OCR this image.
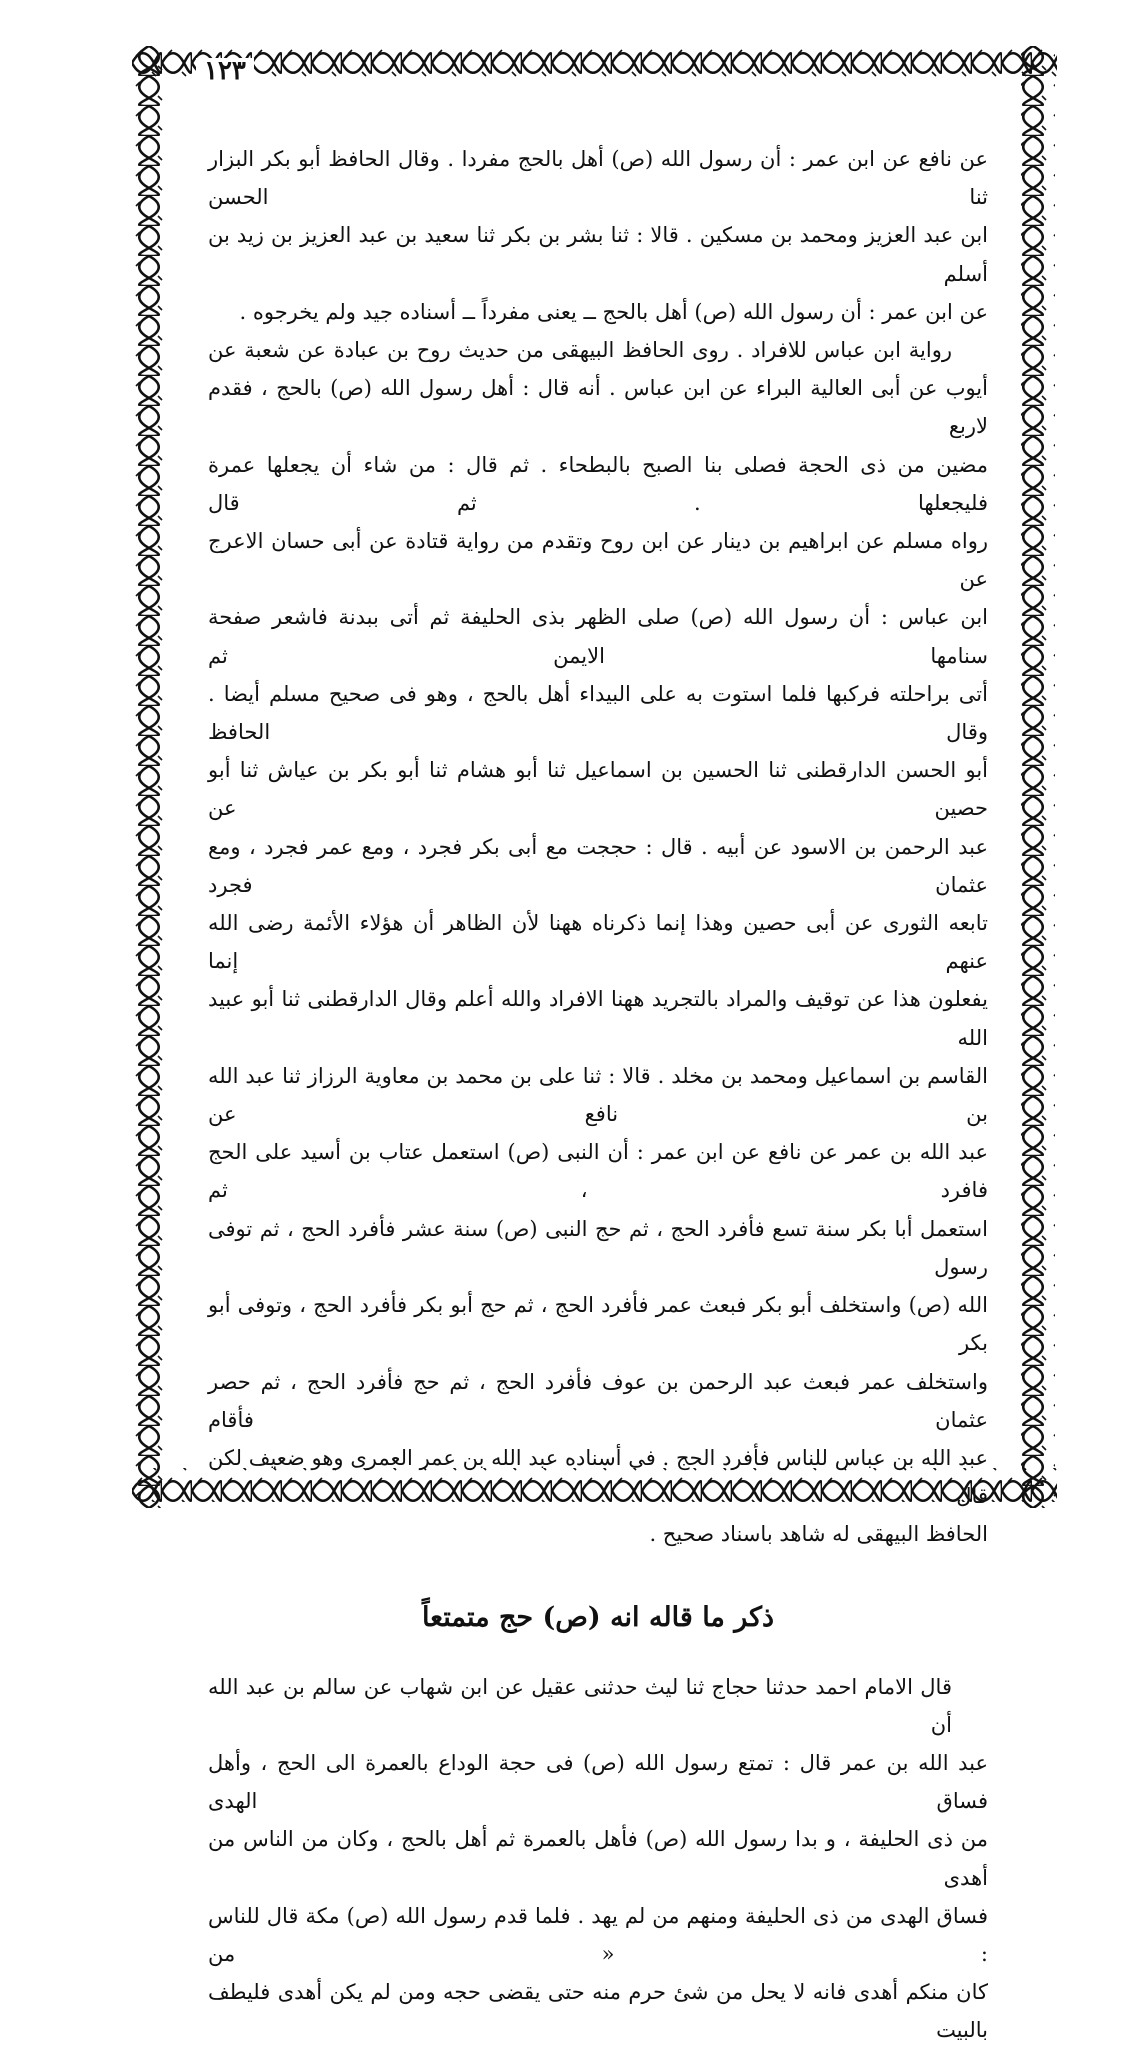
١٢٣
عن نافع عن ابن عمر : أن رسول الله (ص) أهل بالحج مفردا . وقال الحافظ أبو بكر البزار ثنا الحسن
ابن عبد العزيز ومحمد بن مسكين . قالا : ثنا بشر بن بكر ثنا سعيد بن عبد العزيز بن زيد بن أسلم
عن ابن عمر : أن رسول الله (ص) أهل بالحج ــ يعنى مفرداً ــ أسناده جيد ولم يخرجوه .
رواية ابن عباس للافراد . روى الحافظ البيهقى من حديث روح بن عبادة عن شعبة عن
أيوب عن أبى العالية البراء عن ابن عباس . أنه قال : أهل رسول الله (ص) بالحج ، فقدم لاربع
مضين من ذى الحجة فصلى بنا الصبح بالبطحاء . ثم قال : من شاء أن يجعلها عمرة فليجعلها . ثم قال
رواه مسلم عن ابراهيم بن دينار عن ابن روح وتقدم من رواية قتادة عن أبى حسان الاعرج عن
ابن عباس : أن رسول الله (ص) صلى الظهر بذى الحليفة ثم أتى ببدنة فاشعر صفحة سنامها الايمن ثم
أتى براحلته فركبها فلما استوت به على البيداء أهل بالحج ، وهو فى صحيح مسلم أيضا . وقال الحافظ
أبو الحسن الدارقطنى ثنا الحسين بن اسماعيل ثنا أبو هشام ثنا أبو بكر بن عياش ثنا أبو حصين عن
عبد الرحمن بن الاسود عن أبيه . قال : حججت مع أبى بكر فجرد ، ومع عمر فجرد ، ومع عثمان فجرد
تابعه الثورى عن أبى حصين وهذا إنما ذكرناه ههنا لأن الظاهر أن هؤلاء الأئمة رضى الله عنهم إنما
يفعلون هذا عن توقيف والمراد بالتجريد ههنا الافراد والله أعلم وقال الدارقطنى ثنا أبو عبيد الله
القاسم بن اسماعيل ومحمد بن مخلد . قالا : ثنا على بن محمد بن معاوية الرزاز ثنا عبد الله بن نافع عن
عبد الله بن عمر عن نافع عن ابن عمر : أن النبى (ص) استعمل عتاب بن أسيد على الحج فافرد ، ثم
استعمل أبا بكر سنة تسع فأفرد الحج ، ثم حج النبى (ص) سنة عشر فأفرد الحج ، ثم توفى رسول
الله (ص) واستخلف أبو بكر فبعث عمر فأفرد الحج ، ثم حج أبو بكر فأفرد الحج ، وتوفى أبو بكر
واستخلف عمر فبعث عبد الرحمن بن عوف فأفرد الحج ، ثم حج فأفرد الحج ، ثم حصر عثمان فأقام
عبد الله بن عباس للناس فأفرد الحج . فى أسناده عبد الله بن عمر العمرى وهو ضعيف لكن قال
الحافظ البيهقى له شاهد باسناد صحيح .
ذكر ما قاله انه (ص) حج متمتعاً
قال الامام احمد حدثنا حجاج ثنا ليث حدثنى عقيل عن ابن شهاب عن سالم بن عبد الله أن
عبد الله بن عمر قال : تمتع رسول الله (ص) فى حجة الوداع بالعمرة الى الحج ، وأهل فساق الهدى
من ذى الحليفة ، و بدا رسول الله (ص) فأهل بالعمرة ثم أهل بالحج ، وكان من الناس من أهدى
فساق الهدى من ذى الحليفة ومنهم من لم يهد . فلما قدم رسول الله (ص) مكة قال للناس : « من
كان منكم أهدى فانه لا يحل من شئ حرم منه حتى يقضى حجه ومن لم يكن أهدى فليطف بالبيت
